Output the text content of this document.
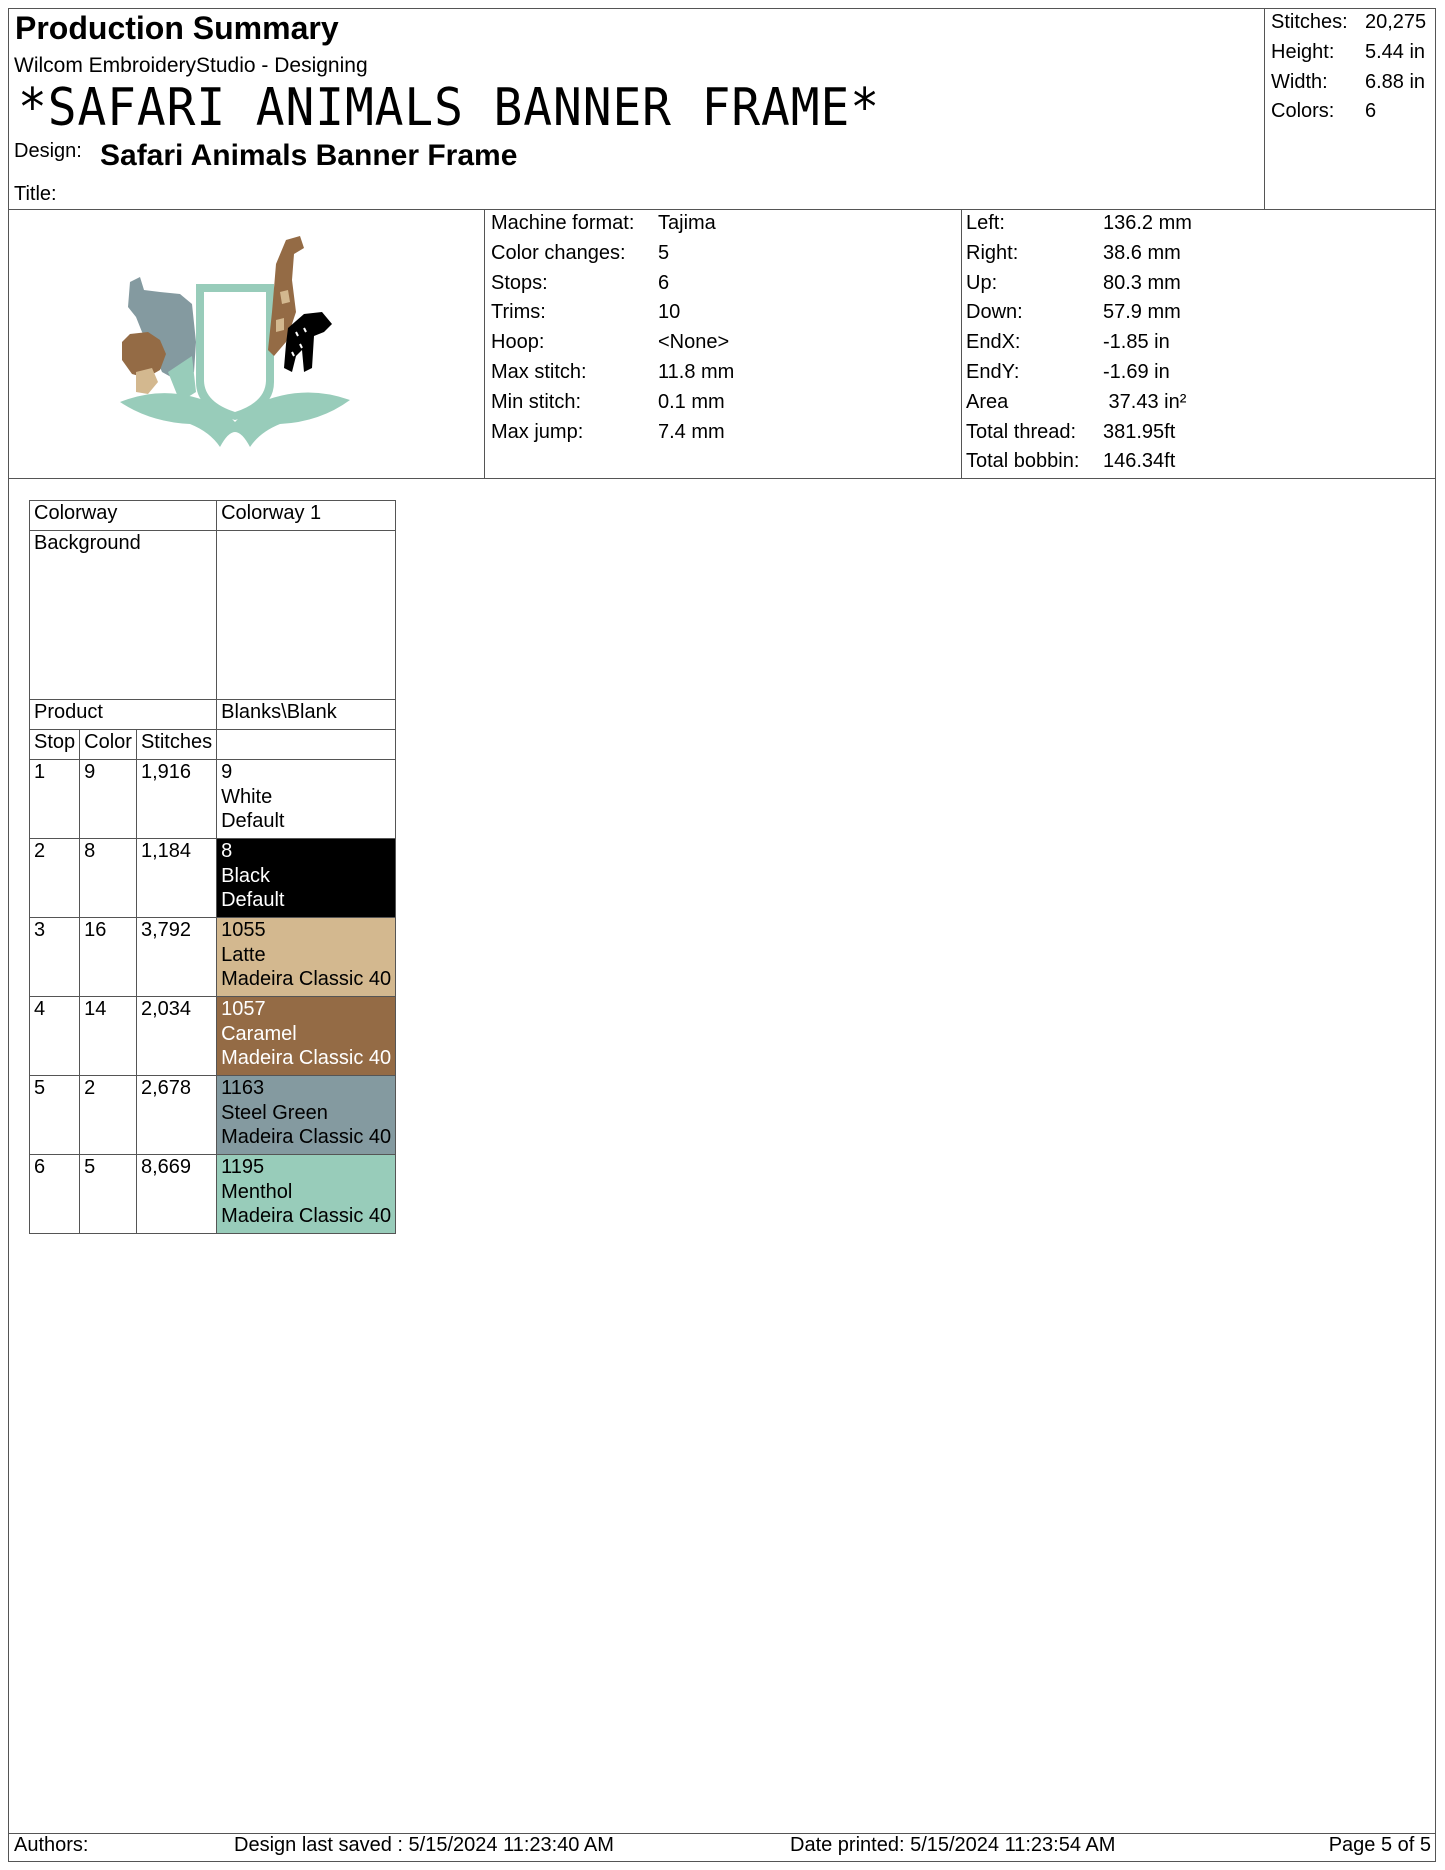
Production Summary
Wilcom EmbroideryStudio - Designing
*SAFARI ANIMALS BANNER FRAME*
Design: Safari Animals Banner Frame
Title:
Stitches:	20,275
Height:	5.44 in
Width:	6.88 in
Colors:	6
Machine format:	Tajima
Color changes:	5
Stops:	6
Trims:	10
Hoop:	<None>
Max stitch:	11.8 mm
Min stitch:	0.1 mm
Max jump:	7.4 mm
Left:	136.2 mm
Right:	38.6 mm
Up:	80.3 mm
Down:	57.9 mm
EndX:	-1.85 in
EndY:	-1.69 in
Area	37.43 in²
Total thread:	381.95ft
Total bobbin:	146.34ft
Colorway			Colorway 1
Background			
Product			Blanks\Blank
Stop	Color	Stitches	
1	9	1,916	9
White
Default

2	8	1,184	8
Black
Default

3	16	3,792	1055
Latte
Madeira Classic 40

4	14	2,034	1057
Caramel
Madeira Classic 40

5	2	2,678	1163
Steel Green
Madeira Classic 40

6	5	8,669	1195
Menthol
Madeira Classic 40
Authors:	Design last saved : 5/15/2024 11:23:40 AM	Date printed: 5/15/2024 11:23:54 AM	Page 5 of 5
